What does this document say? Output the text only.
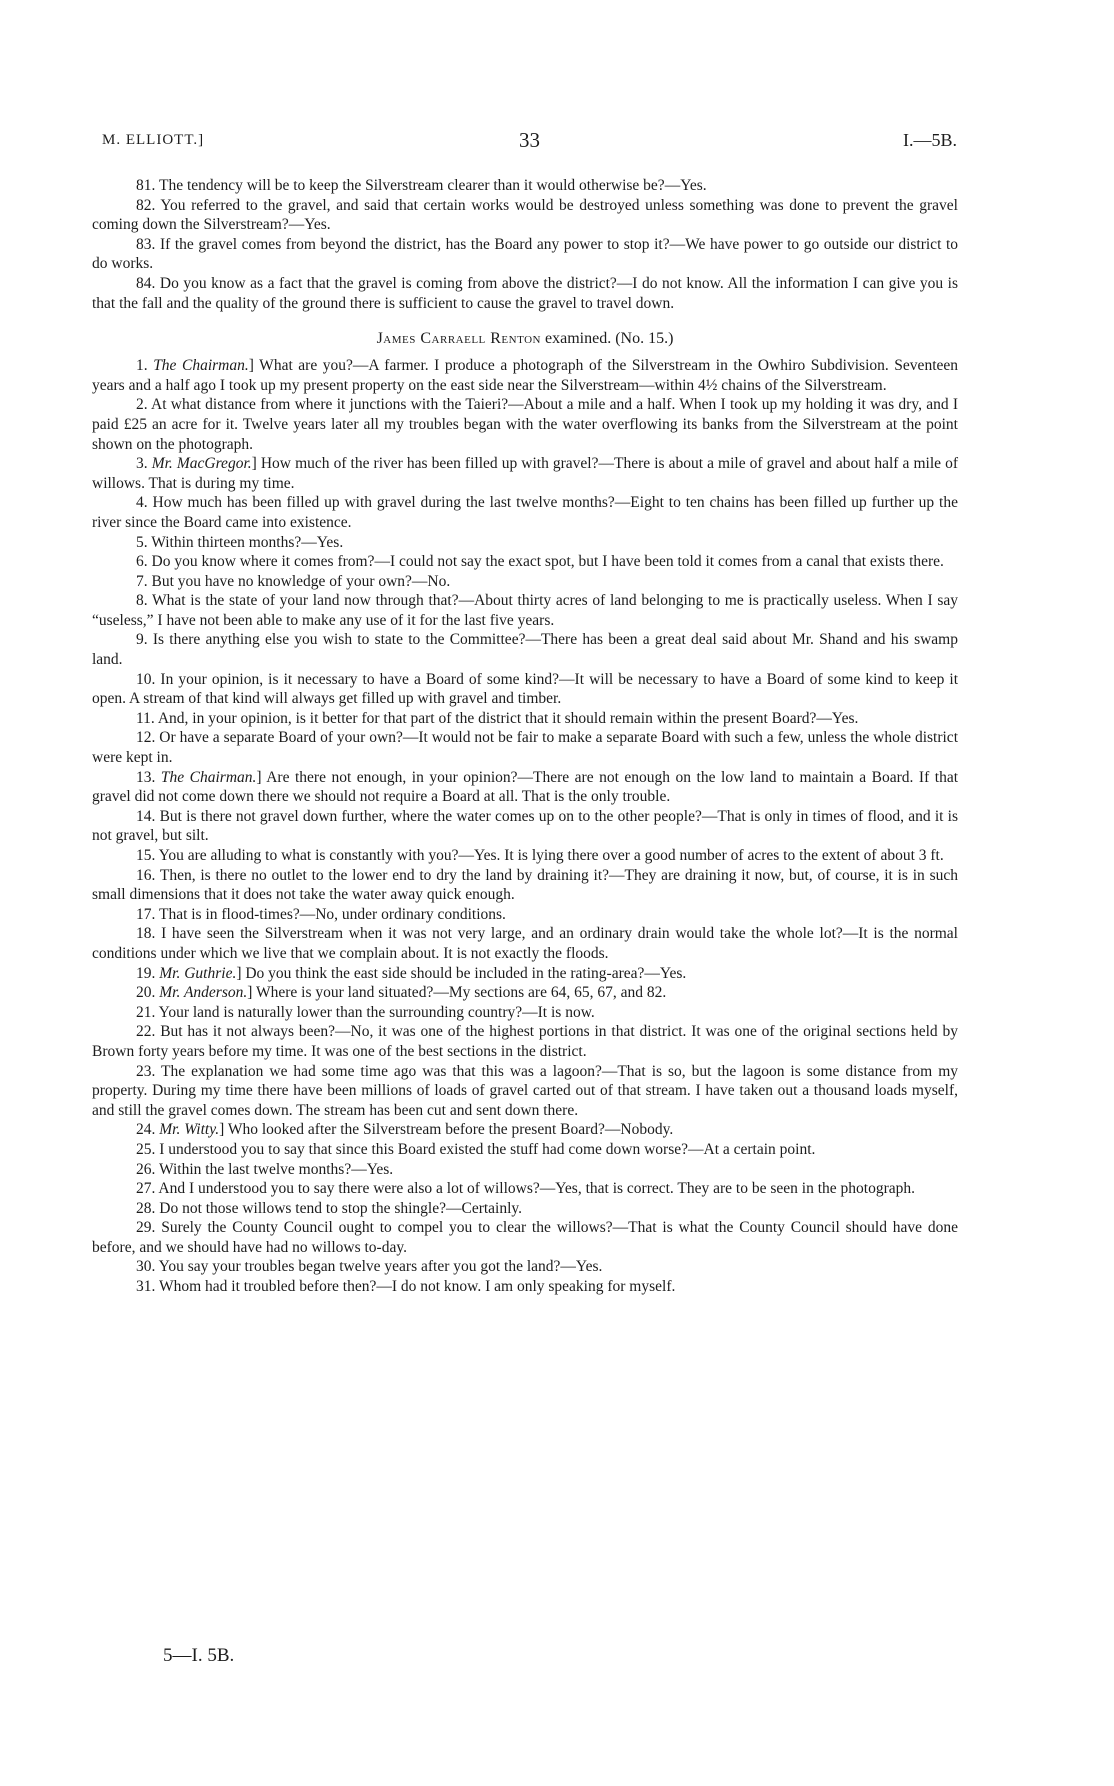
M. ELLIOTT.]	33	I.—5B.

81. The tendency will be to keep the Silverstream clearer than it would otherwise be?—Yes.

82. You referred to the gravel, and said that certain works would be destroyed unless something was done to prevent the gravel coming down the Silverstream?—Yes.

83. If the gravel comes from beyond the district, has the Board any power to stop it?—We have power to go outside our district to do works.

84. Do you know as a fact that the gravel is coming from above the district?—I do not know. All the information I can give you is that the fall and the quality of the ground there is sufficient to cause the gravel to travel down.

James Carraell Renton examined. (No. 15.)

1. The Chairman.] What are you?—A farmer. I produce a photograph of the Silverstream in the Owhiro Subdivision. Seventeen years and a half ago I took up my present property on the east side near the Silverstream—within 4½ chains of the Silverstream.

2. At what distance from where it junctions with the Taieri?—About a mile and a half. When I took up my holding it was dry, and I paid £25 an acre for it. Twelve years later all my troubles began with the water overflowing its banks from the Silverstream at the point shown on the photograph.

3. Mr. MacGregor.] How much of the river has been filled up with gravel?—There is about a mile of gravel and about half a mile of willows. That is during my time.

4. How much has been filled up with gravel during the last twelve months?—Eight to ten chains has been filled up further up the river since the Board came into existence.

5. Within thirteen months?—Yes.

6. Do you know where it comes from?—I could not say the exact spot, but I have been told it comes from a canal that exists there.

7. But you have no knowledge of your own?—No.

8. What is the state of your land now through that?—About thirty acres of land belonging to me is practically useless. When I say “useless,” I have not been able to make any use of it for the last five years.

9. Is there anything else you wish to state to the Committee?—There has been a great deal said about Mr. Shand and his swamp land.

10. In your opinion, is it necessary to have a Board of some kind?—It will be necessary to have a Board of some kind to keep it open. A stream of that kind will always get filled up with gravel and timber.

11. And, in your opinion, is it better for that part of the district that it should remain within the present Board?—Yes.

12. Or have a separate Board of your own?—It would not be fair to make a separate Board with such a few, unless the whole district were kept in.

13. The Chairman.] Are there not enough, in your opinion?—There are not enough on the low land to maintain a Board. If that gravel did not come down there we should not require a Board at all. That is the only trouble.

14. But is there not gravel down further, where the water comes up on to the other people?—That is only in times of flood, and it is not gravel, but silt.

15. You are alluding to what is constantly with you?—Yes. It is lying there over a good number of acres to the extent of about 3 ft.

16. Then, is there no outlet to the lower end to dry the land by draining it?—They are draining it now, but, of course, it is in such small dimensions that it does not take the water away quick enough.

17. That is in flood-times?—No, under ordinary conditions.

18. I have seen the Silverstream when it was not very large, and an ordinary drain would take the whole lot?—It is the normal conditions under which we live that we complain about. It is not exactly the floods.

19. Mr. Guthrie.] Do you think the east side should be included in the rating-area?—Yes.

20. Mr. Anderson.] Where is your land situated?—My sections are 64, 65, 67, and 82.

21. Your land is naturally lower than the surrounding country?—It is now.

22. But has it not always been?—No, it was one of the highest portions in that district. It was one of the original sections held by Brown forty years before my time. It was one of the best sections in the district.

23. The explanation we had some time ago was that this was a lagoon?—That is so, but the lagoon is some distance from my property. During my time there have been millions of loads of gravel carted out of that stream. I have taken out a thousand loads myself, and still the gravel comes down. The stream has been cut and sent down there.

24. Mr. Witty.] Who looked after the Silverstream before the present Board?—Nobody.

25. I understood you to say that since this Board existed the stuff had come down worse?—At a certain point.

26. Within the last twelve months?—Yes.

27. And I understood you to say there were also a lot of willows?—Yes, that is correct. They are to be seen in the photograph.

28. Do not those willows tend to stop the shingle?—Certainly.

29. Surely the County Council ought to compel you to clear the willows?—That is what the County Council should have done before, and we should have had no willows to-day.

30. You say your troubles began twelve years after you got the land?—Yes.

31. Whom had it troubled before then?—I do not know. I am only speaking for myself.

5—I. 5B.
